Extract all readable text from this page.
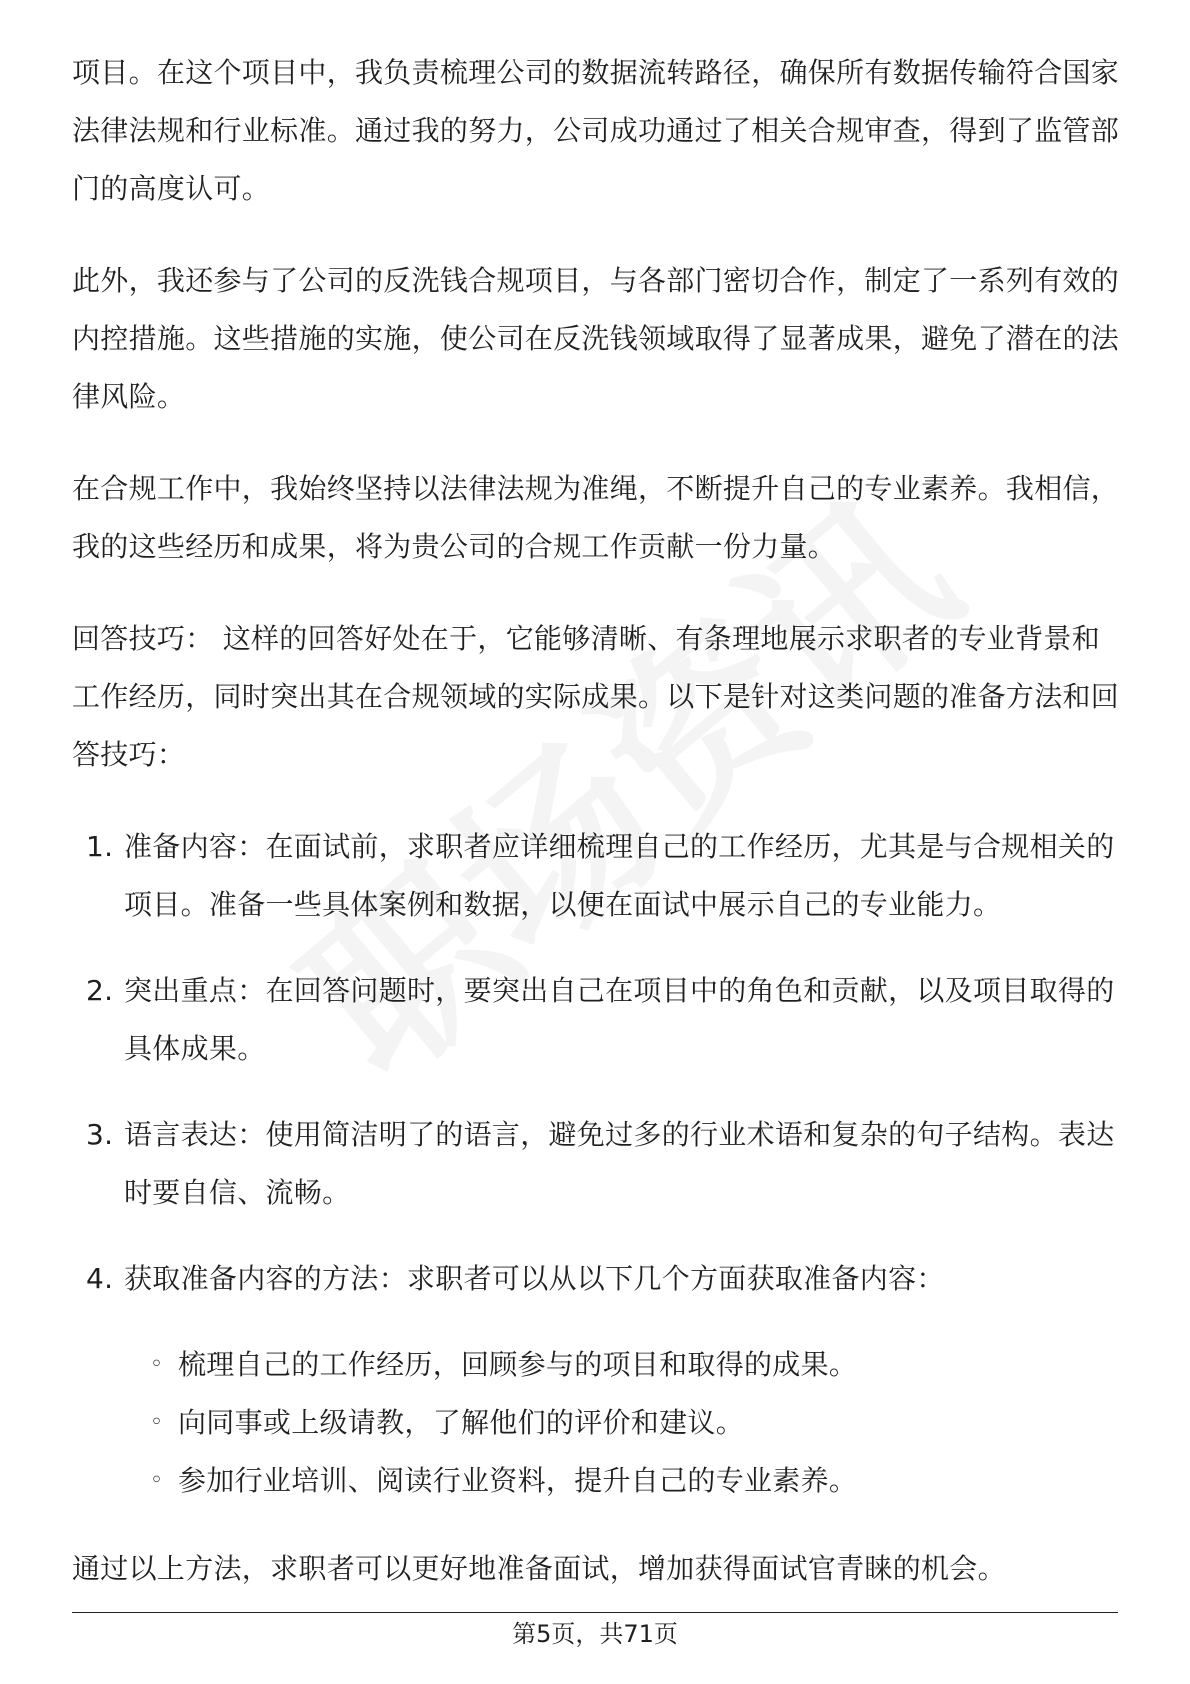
项目。在这个项目中，我负责梳理公司的数据流转路径，确保所有数据传输符合国家法律法规和行业标准。通过我的努力，公司成功通过了相关合规审查，得到了监管部门的高度认可。

此外，我还参与了公司的反洗钱合规项目，与各部门密切合作，制定了一系列有效的内控措施。这些措施的实施，使公司在反洗钱领域取得了显著成果，避免了潜在的法律风险。

在合规工作中，我始终坚持以法律法规为准绳，不断提升自己的专业素养。我相信，我的这些经历和成果，将为贵公司的合规工作贡献一份力量。

回答技巧： 这样的回答好处在于，它能够清晰、有条理地展示求职者的专业背景和工作经历，同时突出其在合规领域的实际成果。以下是针对这类问题的准备方法和回答技巧：

1. 准备内容：在面试前，求职者应详细梳理自己的工作经历，尤其是与合规相关的项目。准备一些具体案例和数据，以便在面试中展示自己的专业能力。
2. 突出重点：在回答问题时，要突出自己在项目中的角色和贡献，以及项目取得的具体成果。
3. 语言表达：使用简洁明了的语言，避免过多的行业术语和复杂的句子结构。表达时要自信、流畅。
4. 获取准备内容的方法：求职者可以从以下几个方面获取准备内容：
◦ 梳理自己的工作经历，回顾参与的项目和取得的成果。
◦ 向同事或上级请教，了解他们的评价和建议。
◦ 参加行业培训、阅读行业资料，提升自己的专业素养。

通过以上方法，求职者可以更好地准备面试，增加获得面试官青睐的机会。

第5页，共71页
